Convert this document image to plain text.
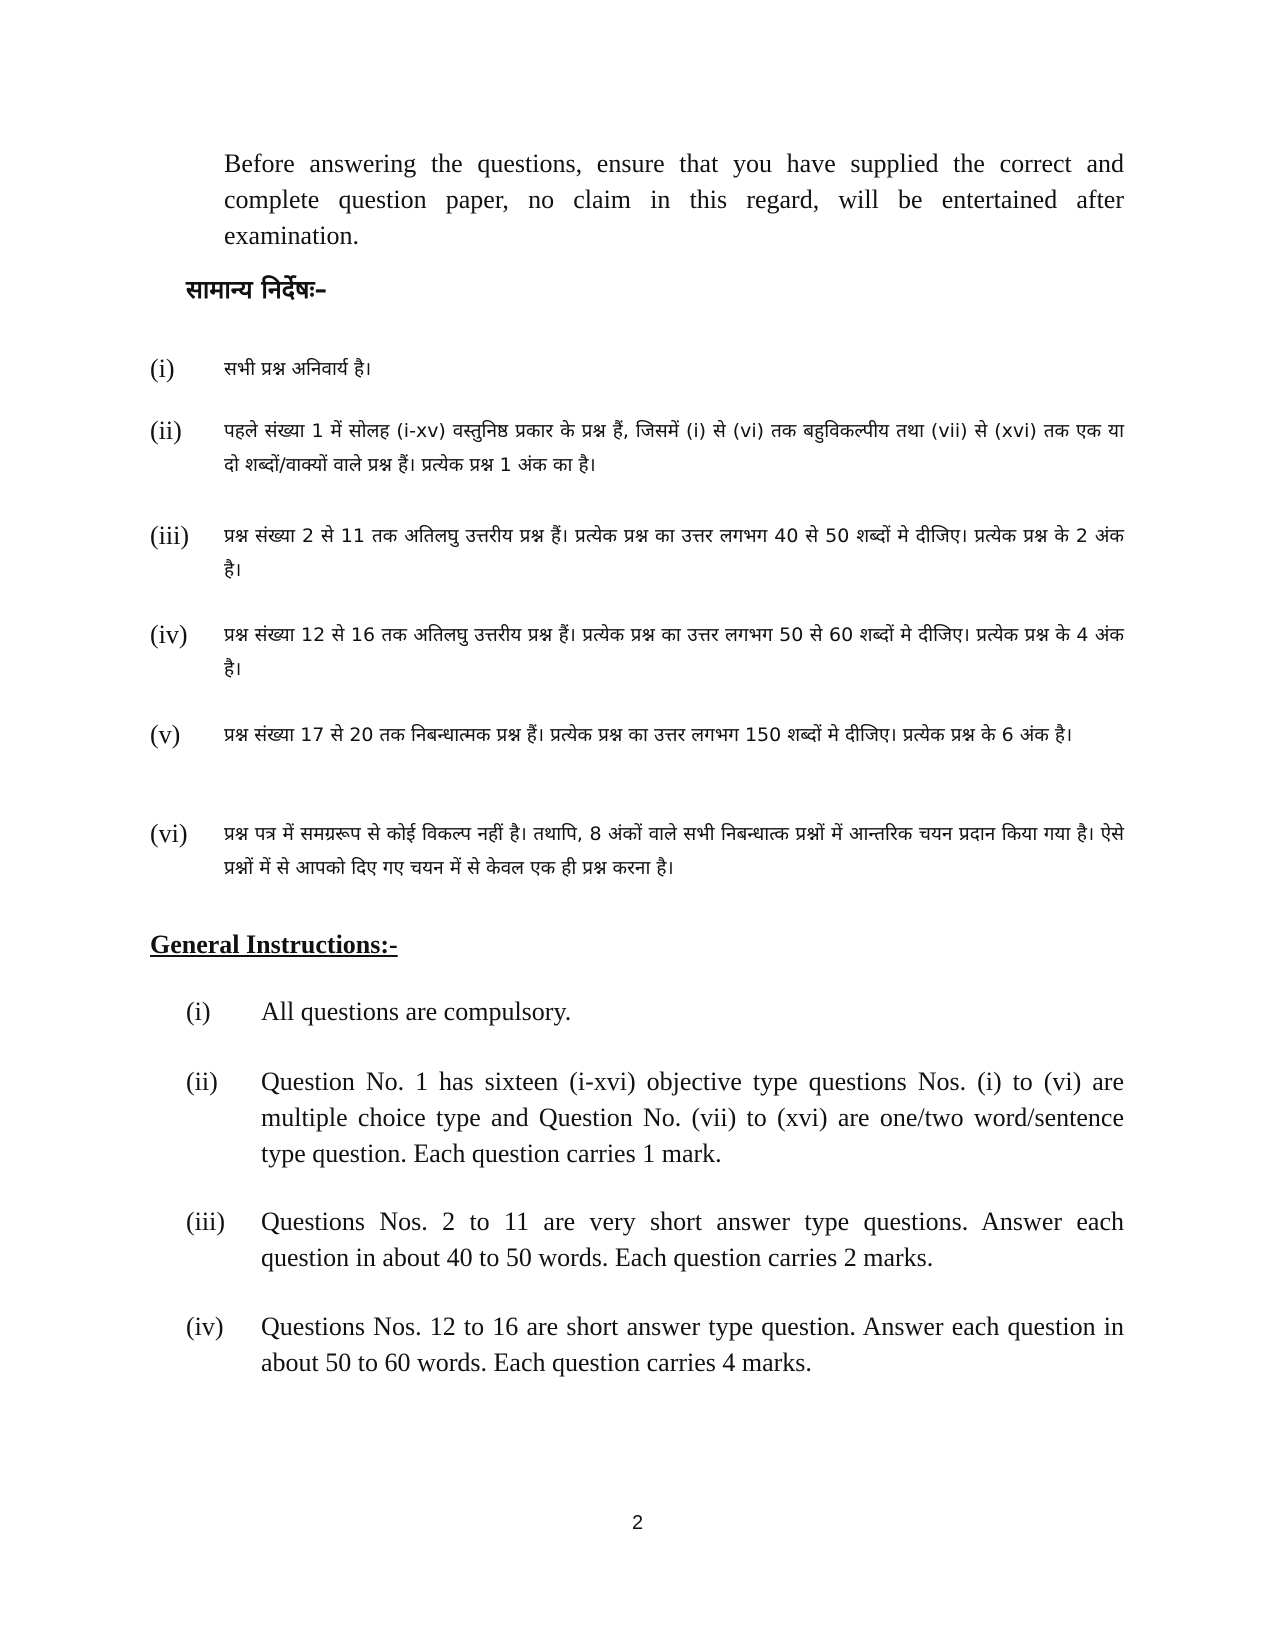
Before answering the questions, ensure that you have supplied the correct and complete question paper, no claim in this regard, will be entertained after examination.

सामान्य निर्देषः–
(i)	सभी प्रश्न अनिवार्य है।
(ii) पहले संख्या 1 में सोलह (i-xv) वस्तुनिष्ठ प्रकार के प्रश्न हैं, जिसमें (i) से (vi) तक बहुविकल्पीय तथा (vii) से (xvi) तक एक या दो शब्दों/वाक्यों वाले प्रश्न हैं। प्रत्येक प्रश्न 1 अंक का है।
(iii) प्रश्न संख्या 2 से 11 तक अतिलघु उत्तरीय प्रश्न हैं। प्रत्येक प्रश्न का उत्तर लगभग 40 से 50 शब्दों मे दीजिए। प्रत्येक प्रश्न के 2 अंक है।
(iv) प्रश्न संख्या 12 से 16 तक अतिलघु उत्तरीय प्रश्न हैं। प्रत्येक प्रश्न का उत्तर लगभग 50 से 60 शब्दों मे दीजिए। प्रत्येक प्रश्न के 4 अंक है।
(v) प्रश्न संख्या 17 से 20 तक निबन्धात्मक प्रश्न हैं। प्रत्येक प्रश्न का उत्तर लगभग 150 शब्दों मे दीजिए। प्रत्येक प्रश्न के 6 अंक है।
(vi) प्रश्न पत्र में समग्ररूप से कोई विकल्प नहीं है। तथापि, 8 अंकों वाले सभी निबन्धात्क प्रश्नों में आन्तरिक चयन प्रदान किया गया है। ऐसे प्रश्नों में से आपको दिए गए चयन में से केवल एक ही प्रश्न करना है।
General Instructions:-
(i) All questions are compulsory.
(ii) Question No. 1 has sixteen (i-xvi) objective type questions Nos. (i) to (vi) are multiple choice type and Question No. (vii) to (xvi) are one/two word/sentence type question. Each question carries 1 mark.
(iii) Questions Nos. 2 to 11 are very short answer type questions. Answer each question in about 40 to 50 words. Each question carries 2 marks.
(iv) Questions Nos. 12 to 16 are short answer type question. Answer each question in about 50 to 60 words. Each question carries 4 marks.
2
